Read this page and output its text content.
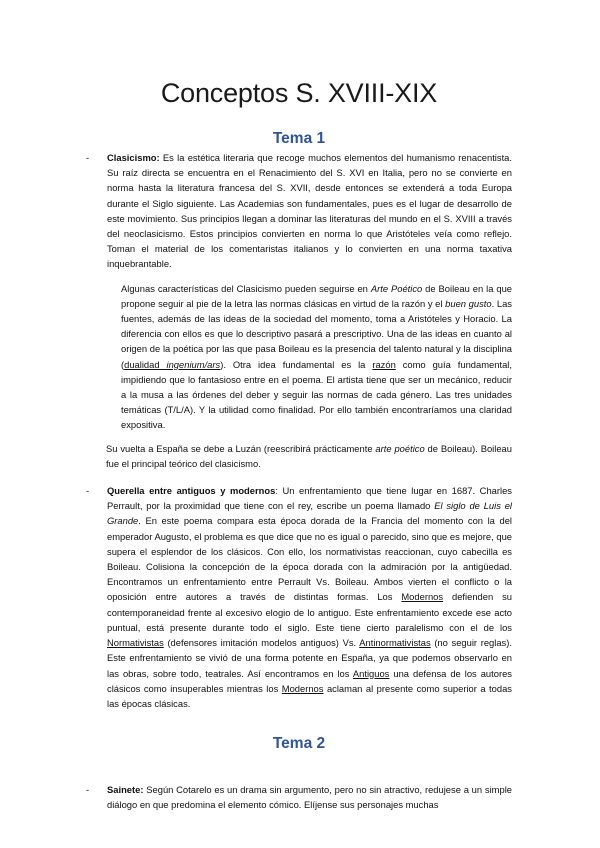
Conceptos S. XVIII-XIX
Tema 1

- Clasicismo: Es la estética literaria que recoge muchos elementos del humanismo renacentista. Su raíz directa se encuentra en el Renacimiento del S. XVI en Italia, pero no se convierte en norma hasta la literatura francesa del S. XVII, desde entonces se extenderá a toda Europa durante el Siglo siguiente. Las Academias son fundamentales, pues es el lugar de desarrollo de este movimiento. Sus principios llegan a dominar las literaturas del mundo en el S. XVIII a través del neoclasicismo. Estos principios convierten en norma lo que Aristóteles veía como reflejo. Toman el material de los comentaristas italianos y lo convierten en una norma taxativa inquebrantable.

Algunas características del Clasicismo pueden seguirse en Arte Poético de Boileau en la que propone seguir al pie de la letra las normas clásicas en virtud de la razón y el buen gusto. Las fuentes, además de las ideas de la sociedad del momento, toma a Aristóteles y Horacio. La diferencia con ellos es que lo descriptivo pasará a prescriptivo. Una de las ideas en cuanto al origen de la poética por las que pasa Boileau es la presencia del talento natural y la disciplina (dualidad ingenium/ars). Otra idea fundamental es la razón como guía fundamental, impidiendo que lo fantasioso entre en el poema. El artista tiene que ser un mecánico, reducir a la musa a las órdenes del deber y seguir las normas de cada género. Las tres unidades temáticas (T/L/A). Y la utilidad como finalidad. Por ello también encontraríamos una claridad expositiva.

Su vuelta a España se debe a Luzán (reescribirá prácticamente arte poético de Boileau). Boileau fue el principal teórico del clasicismo.

- Querella entre antiguos y modernos: Un enfrentamiento que tiene lugar en 1687. Charles Perrault, por la proximidad que tiene con el rey, escribe un poema llamado El siglo de Luis el Grande. En este poema compara esta época dorada de la Francia del momento con la del emperador Augusto, el problema es que dice que no es igual o parecido, sino que es mejore, que supera el esplendor de los clásicos. Con ello, los normativistas reaccionan, cuyo cabecilla es Boileau. Colisiona la concepción de la época dorada con la admiración por la antigüedad. Encontramos un enfrentamiento entre Perrault Vs. Boileau. Ambos vierten el conflicto o la oposición entre autores a través de distintas formas. Los Modernos defienden su contemporaneidad frente al excesivo elogio de lo antiguo. Este enfrentamiento excede ese acto puntual, está presente durante todo el siglo. Este tiene cierto paralelismo con el de los Normativistas (defensores imitación modelos antiguos) Vs. Antinormativistas (no seguir reglas). Este enfrentamiento se vivió de una forma potente en España, ya que podemos observarlo en las obras, sobre todo, teatrales. Así encontramos en los Antiguos una defensa de los autores clásicos como insuperables mientras los Modernos aclaman al presente como superior a todas las épocas clásicas.

Tema 2

- Sainete: Según Cotarelo es un drama sin argumento, pero no sin atractivo, redujese a un simple diálogo en que predomina el elemento cómico. Elíjense sus personajes muchas
